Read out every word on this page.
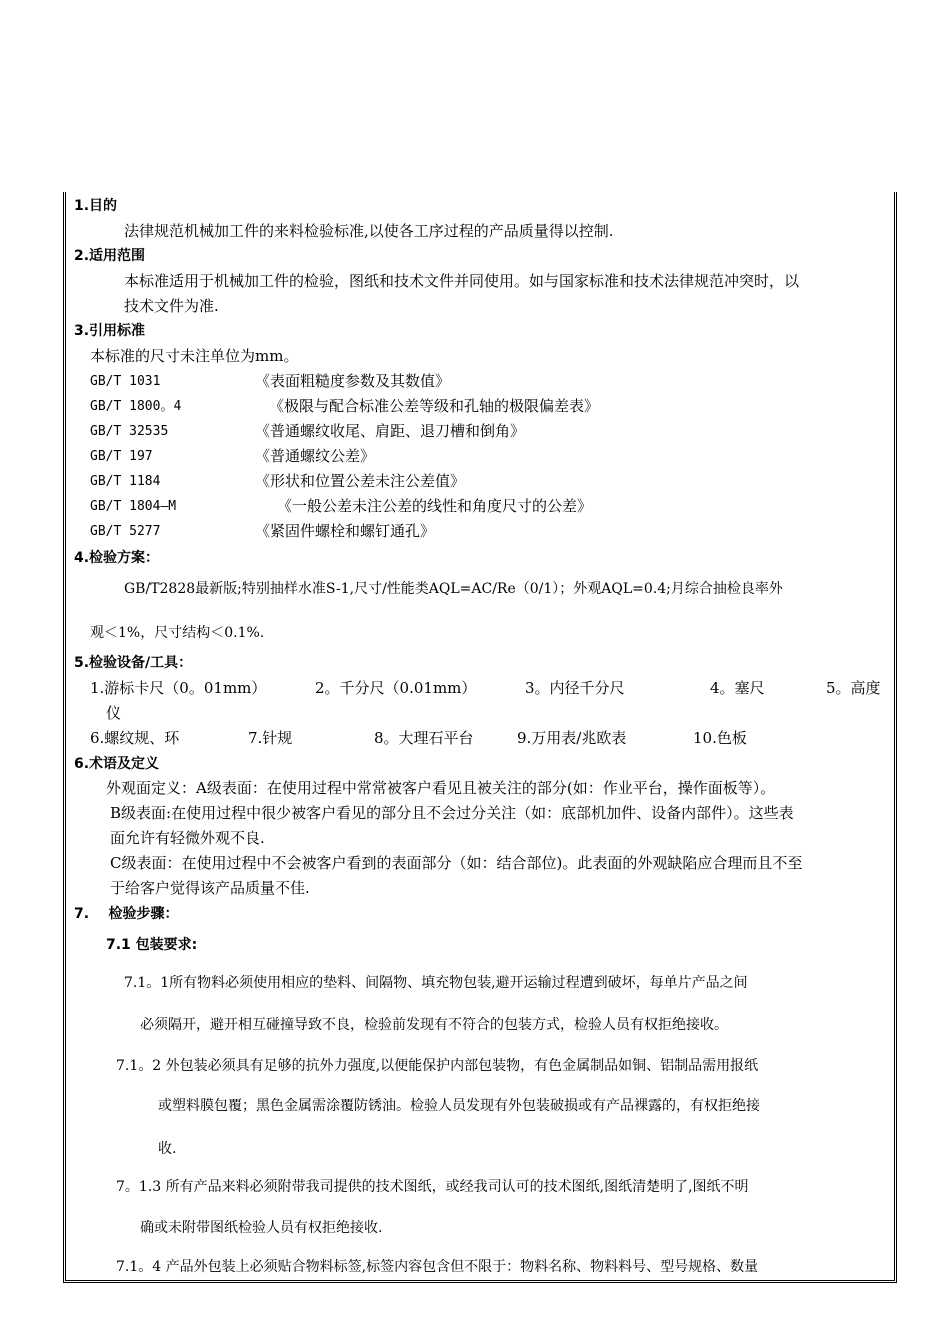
1.目的
法律规范机械加工件的来料检验标准,以使各工序过程的产品质量得以控制.
2.适用范围
本标准适用于机械加工件的检验，图纸和技术文件并同使用。如与国家标准和技术法律规范冲突时，以
技术文件为准.
3.引用标准
本标准的尺寸未注单位为mm。
GB/T 1031	《表面粗糙度参数及其数值》
GB/T 1800。4	《极限与配合标准公差等级和孔轴的极限偏差表》
GB/T 32535	《普通螺纹收尾、肩距、退刀槽和倒角》
GB/T 197	《普通螺纹公差》
GB/T 1184	《形状和位置公差未注公差值》
GB/T 1804—M	《一般公差未注公差的线性和角度尺寸的公差》
GB/T 5277	《紧固件螺栓和螺钉通孔》
4.检验方案：
GB/T2828最新版;特别抽样水准S-1,尺寸/性能类AQL=AC/Re（0/1）；外观AQL=0.4;月综合抽检良率外
观＜1%，尺寸结构＜0.1%.
5.检验设备/工具：
1.游标卡尺（0。01mm）	2。千分尺（0.01mm）	3。内径千分尺	4。塞尺	5。高度
仪
6.螺纹规、环	7.针规	8。大理石平台	9.万用表/兆欧表	10.色板
6.术语及定义
外观面定义：A级表面：在使用过程中常常被客户看见且被关注的部分(如：作业平台，操作面板等）。
B级表面:在使用过程中很少被客户看见的部分且不会过分关注（如：底部机加件、设备内部件）。这些表
面允许有轻微外观不良.
C级表面：在使用过程中不会被客户看到的表面部分（如：结合部位)。此表面的外观缺陷应合理而且不至
于给客户觉得该产品质量不佳.
7.    检验步骤：
7.1 包装要求:
7.1。1所有物料必须使用相应的垫料、间隔物、填充物包装,避开运输过程遭到破坏，每单片产品之间
必须隔开，避开相互碰撞导致不良，检验前发现有不符合的包装方式，检验人员有权拒绝接收。
7.1。2 外包装必须具有足够的抗外力强度,以便能保护内部包装物，有色金属制品如铜、铝制品需用报纸
或塑料膜包覆；黑色金属需涂覆防锈油。检验人员发现有外包装破损或有产品裸露的，有权拒绝接
收.
7。1.3 所有产品来料必须附带我司提供的技术图纸，或经我司认可的技术图纸,图纸清楚明了,图纸不明
确或未附带图纸检验人员有权拒绝接收.
7.1。4 产品外包装上必须贴合物料标签,标签内容包含但不限于：物料名称、物料料号、型号规格、数量
